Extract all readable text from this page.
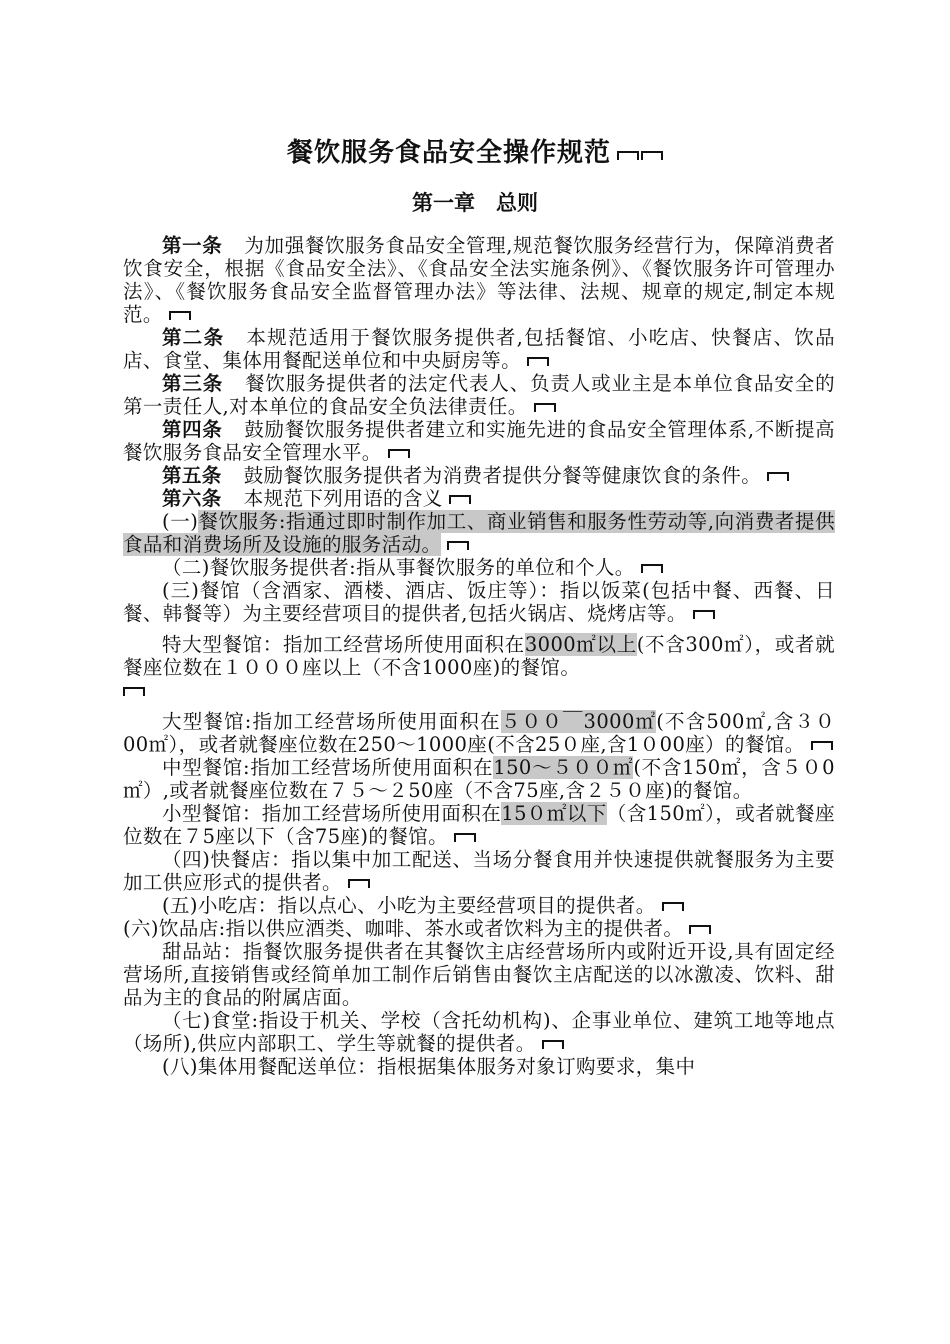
餐饮服务食品安全操作规范
第一章　总则

第一条 为加强餐饮服务食品安全管理,规范餐饮服务经营行为，保障消费者饮食安全，根据《食品安全法》、《食品安全法实施条例》、《餐饮服务许可管理办法》、《餐饮服务食品安全监督管理办法》等法律、法规、规章的规定,制定本规范。

第二条 本规范适用于餐饮服务提供者,包括餐馆、小吃店、快餐店、饮品店、食堂、集体用餐配送单位和中央厨房等。

第三条 餐饮服务提供者的法定代表人、负责人或业主是本单位食品安全的第一责任人,对本单位的食品安全负法律责任。

第四条 鼓励餐饮服务提供者建立和实施先进的食品安全管理体系,不断提高餐饮服务食品安全管理水平。

第五条 鼓励餐饮服务提供者为消费者提供分餐等健康饮食的条件。

第六条 本规范下列用语的含义

(一)餐饮服务:指通过即时制作加工、商业销售和服务性劳动等,向消费者提供食品和消费场所及设施的服务活动。

（二)餐饮服务提供者:指从事餐饮服务的单位和个人。

(三)餐馆（含酒家、酒楼、酒店、饭庄等）：指以饭菜(包括中餐、西餐、日餐、韩餐等）为主要经营项目的提供者,包括火锅店、烧烤店等。

特大型餐馆：指加工经营场所使用面积在3000㎡以上(不含300㎡），或者就餐座位数在１０００座以上（不含1000座)的餐馆。

大型餐馆:指加工经营场所使用面积在５００￣3000㎡(不含500㎡,含３０00㎡），或者就餐座位数在250～1000座(不含25０座,含1０00座）的餐馆。

中型餐馆:指加工经营场所使用面积在150～５００㎡(不含150㎡，含５０0㎡）,或者就餐座位数在７５～２50座（不含75座,含２５０座)的餐馆。

小型餐馆：指加工经营场所使用面积在15０㎡以下（含150㎡），或者就餐座位数在７5座以下（含75座)的餐馆。

（四)快餐店：指以集中加工配送、当场分餐食用并快速提供就餐服务为主要加工供应形式的提供者。

(五)小吃店：指以点心、小吃为主要经营项目的提供者。

(六)饮品店:指以供应酒类、咖啡、茶水或者饮料为主的提供者。

甜品站：指餐饮服务提供者在其餐饮主店经营场所内或附近开设,具有固定经营场所,直接销售或经简单加工制作后销售由餐饮主店配送的以冰激凌、饮料、甜品为主的食品的附属店面。

（七)食堂:指设于机关、学校（含托幼机构)、企事业单位、建筑工地等地点（场所),供应内部职工、学生等就餐的提供者。

(八)集体用餐配送单位：指根据集体服务对象订购要求，集中
